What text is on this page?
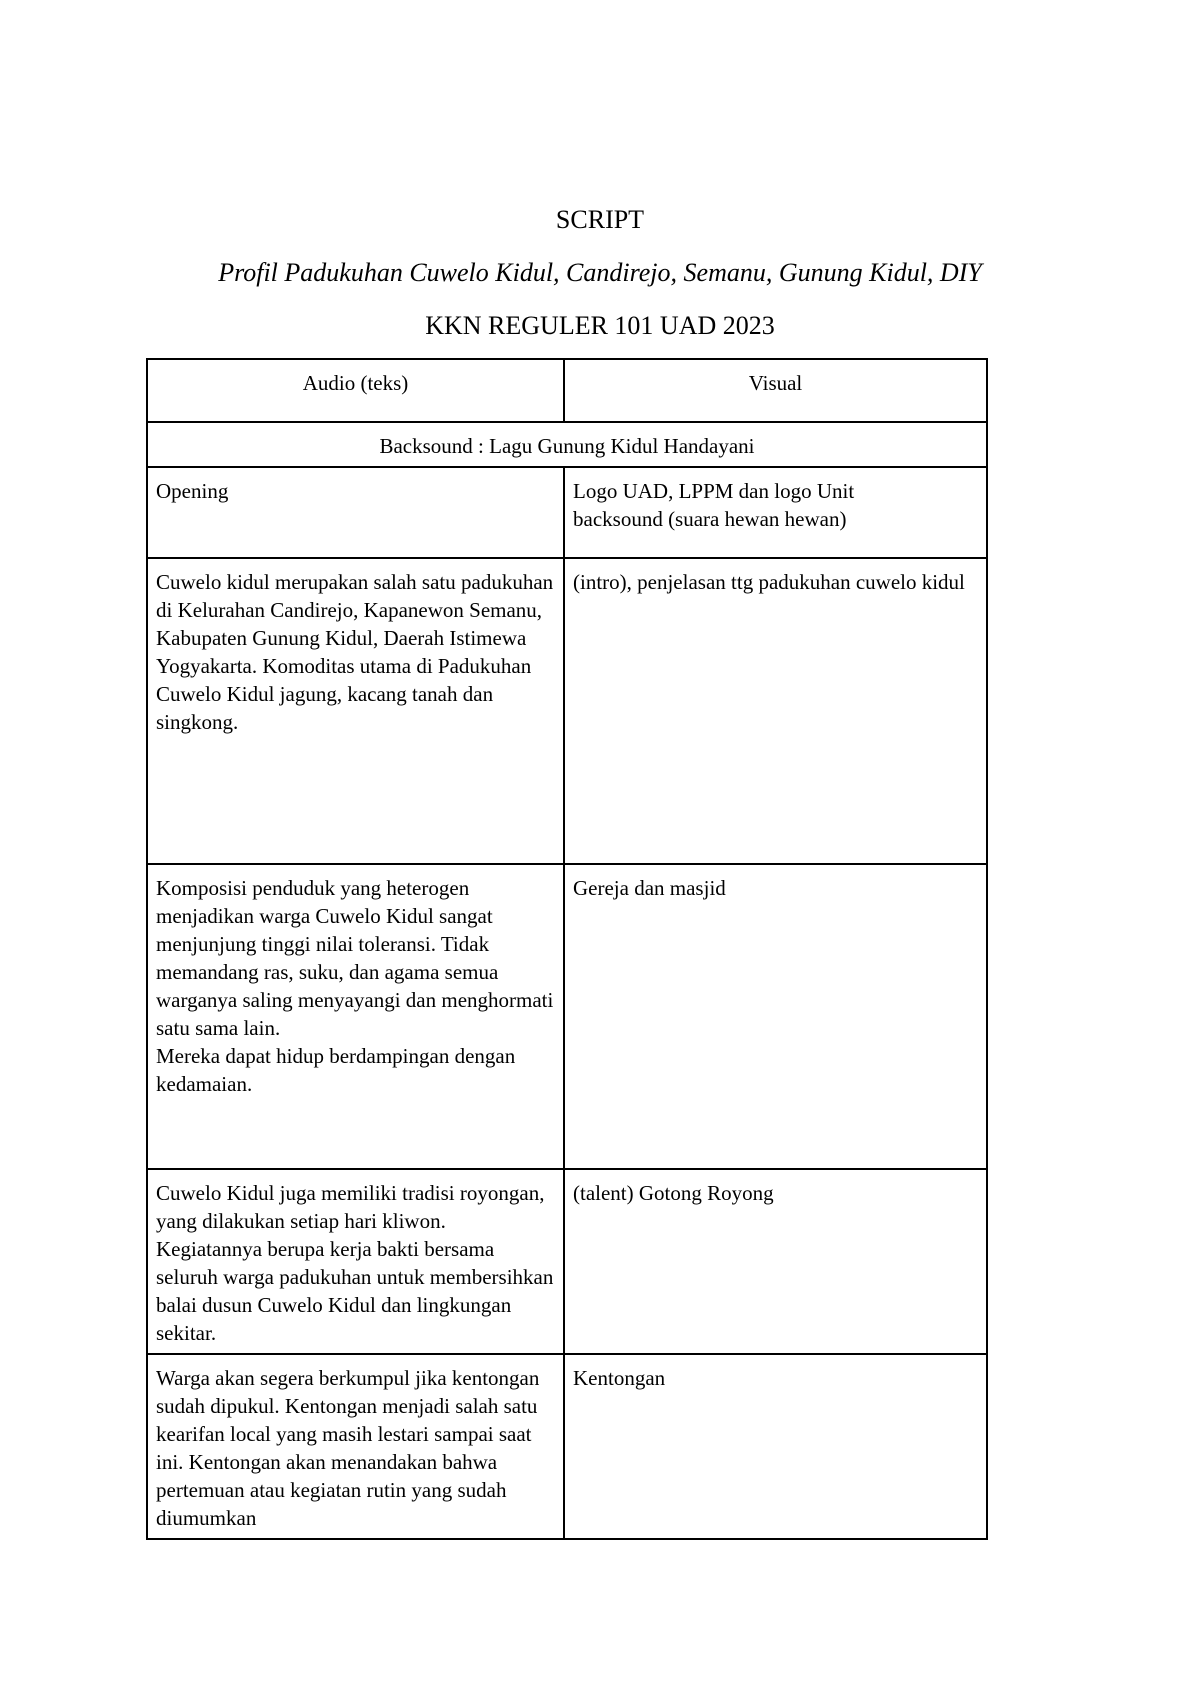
SCRIPT
Profil Padukuhan Cuwelo Kidul, Candirejo, Semanu, Gunung Kidul, DIY
KKN REGULER 101 UAD 2023
Audio (teks)	Visual
Backsound : Lagu Gunung Kidul Handayani	
Opening	Logo UAD, LPPM dan logo Unit
backsound (suara hewan hewan)
Cuwelo kidul merupakan salah satu padukuhan di Kelurahan Candirejo, Kapanewon Semanu, Kabupaten Gunung Kidul, Daerah Istimewa Yogyakarta. Komoditas utama di Padukuhan Cuwelo Kidul jagung, kacang tanah dan singkong.	(intro), penjelasan ttg padukuhan cuwelo kidul
Komposisi penduduk yang heterogen menjadikan warga Cuwelo Kidul sangat menjunjung tinggi nilai toleransi. Tidak memandang ras, suku, dan agama semua warganya saling menyayangi dan menghormati satu sama lain.
Mereka dapat hidup berdampingan dengan kedamaian.	Gereja dan masjid
Cuwelo Kidul juga memiliki tradisi royongan, yang dilakukan setiap hari kliwon. Kegiatannya berupa kerja bakti bersama seluruh warga padukuhan untuk membersihkan balai dusun Cuwelo Kidul dan lingkungan sekitar.	(talent) Gotong Royong
Warga akan segera berkumpul jika kentongan sudah dipukul. Kentongan menjadi salah satu kearifan local yang masih lestari sampai saat ini. Kentongan akan menandakan bahwa pertemuan atau kegiatan rutin yang sudah diumumkan	Kentongan
